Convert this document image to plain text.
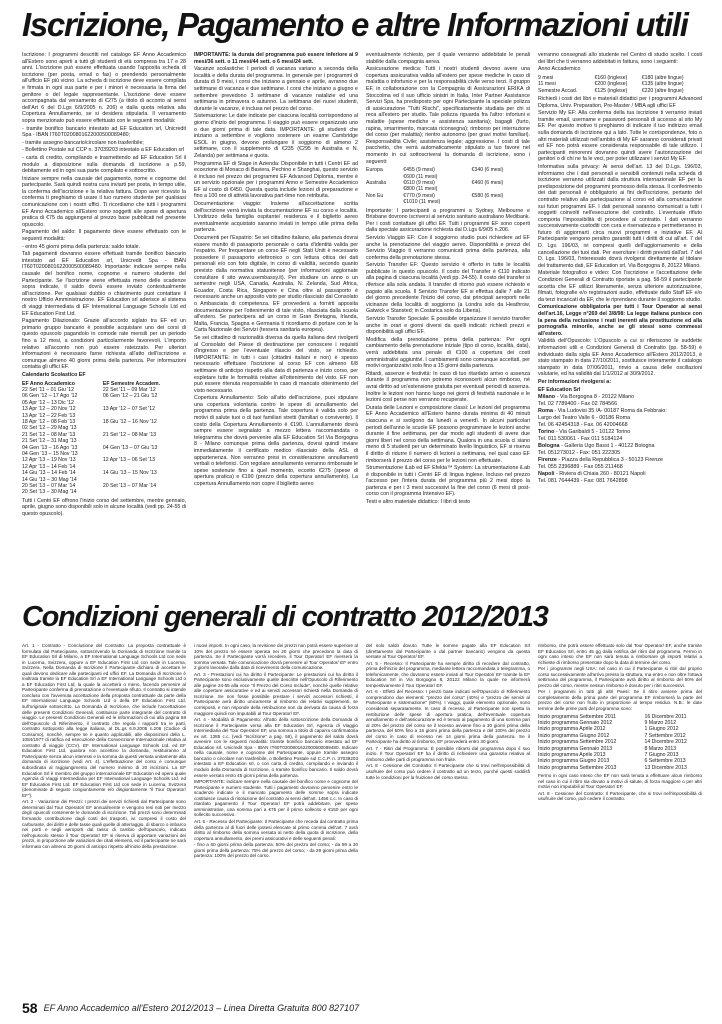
Iscrizione, Pagamento e altre Informazioni utili

Iscrizione: I programmi descritti nel catalogo EF Anno Accademico all'Estero sono aperti a tutti gli studenti di età compresa tra 17 e 28 anni. L'iscrizione può essere effettuata usando l'apposita scheda di iscrizione (per posta, email o fax) o prendendo personalmente all'ufficio EF più vicino. La scheda di iscrizione deve essere compilata e firmata in ogni sua parte e per i minori è necessaria la firma del genitore o del legale rappresentante. L'iscrizione deve essere accompagnata dal versamento di €275 (a titolo di acconto ai sensi dell'Art 6 del D.Lgs 6/9/2005 n. 206) e dalla quota relativa alla Copertura Annullamento, se si desidera stipularla. Il versamento sopra menzionato può essere effettuato con le seguenti modalità:

- tramite bonifico bancario intestato ad EF Education srl, Unicredit Spa - IBAN IT60T0200801622000500089480;

- tramite assegno bancario/circolare non trasferibile;

- Bollettino Postale sul CCP n. 37039203 intestato a EF Education srl

- carta di credito, compilando e trasmettendo ad EF Education Srl il modulo a disposizione sulla domanda di iscrizione a p.59, debitamente ed in ogni sua parte compilato e sottoscritto.

Iniziare sempre nella causale del pagamento, nome e cognome del partecipante. Sarà quindi nostra cura inviarti per posta, in tempo utile, la conferma dell'iscrizione e la relativa fattura. Dopo aver ricevuto la conferma ti preghiamo di usare il tuo numero studente per qualsiasi comunicazione con i nostri uffici. Ti ricordiamo che tutti i programmi EF Anno Accademico all'Estero sono soggetti alle spese di apertura pratica di €75 da aggiungersi al prezzo base pubblicati nel presente opuscolo.

Pagamento del saldo: Il pagamento deve essere effettuato con le seguenti modalità:

- entro 45 giorni prima della partenza: saldo totale.

Tali pagamenti dovranno essere effettuati tramite bonifico bancario intestato ad EF Education srl, Unicredit Spa - IBAN IT60T0200801622000500089480. Importante: indicare sempre nella causale del bonifico nome, cognome e numero studente del Partecipante. Se l'iscrizione viene effettuata meno delle scadenze sopra indicate, il saldo dovrà essere inviato contestualmente all'iscrizione. Per qualsiasi dubbio o chiarimento puoi contattare il nostro Ufficio Amministrazione. EF Education srl aderisce al sistema di viaggi intermediata di EF International Language Schools Ltd ed EF Education First Ltd.

Pagamento Dilazionato: Grazie all'accordo siglato tra EF ed un primario gruppo bancario è possibile acquistare uno dei corsi di questo opuscolo pagandolo in comode rate mensili per un periodo fino a 12 mesi, a condizioni particolarmente favorevoli. L'importo relativo all'acconto non può essere rateizzato. Per ulteriori informazioni è necessario farne richiesta all'atto dell'iscrizione e comunque almeno 40 giorni prima della partenza. Per informazioni contatta gli uffici EF.

Calendario Scolastico EF

EF Anno Accademico	EF Semestre Accadem.
22 Set '11 – 01 Giu '12	22 Set '11 – 09 Mar '12
06 Gen '12 – 17 Ago '12	06 Gen '12 – 21 Giu '12
05 Apr '12 – 13 Dic '12	
13 Apr '12 – 20 Nov '12	13 Apr '12 – 07 Set '12
13 Apr '12 – 22 Feb '13	
18 Apr '12 – 08 Feb '13	18 Giu '12 – 16 Nov '12
02 Set '12 – 29 Mag '13	
21 Set '12 – 08 Mar '13	21 Set '12 – 08 Mar '13
21 Set '12 – 31 Mag '13	
04 Gen '13 – 16 Ago '13	04 Gen '13 – 07 Giu '13
04 Gen '13 – 15 Nov '13	
12 Apr '13 – 19 Nov '13	12 Apr '13 – 06 Set '13
12 Apr '13 – 14 Feb '14	
14 Giu '13 – 14 Feb '14	14 Giu '13 – 15 Nov '13
14 Giu '13 – 30 Mag '14	
20 Set '13 – 07 Mar '14	20 Set '13 – 07 Mar '14
20 Set '13 – 30 Mag '14	

Tutti i Centri EF offrono l'inizio corso del settembre, mentre gennaio, aprile, giugno sono disponibili solo in alcune località (vedi pp. 24-55 di questo opuscolo).

IMPORTANTE: la durata del programma può essere inferiore ai 9 mesi/36 sett. o 11 mesi/44 sett. o 6 mesi/24 sett.

Vacanze scolastiche: I periodi di vacanza variano a seconda della località e della durata del programma. In generale per i programmi di durata di 9 mesi, i corsi che iniziano a gennaio e aprile, avranno due settimane di vacanza e due settimane. I corsi che iniziano a giugno e settembre prevedono 3 settimane di vacanze natalizie ed una settimana in primavera o autunno. La settimana dei nuovi studenti, durante le vacanze, è inclusa nel prezzo del corso.

Sistemazione: Le date indicate per ciascuna località corrispondono al giorno d'inizio del programma. Il viaggio può essere organizzato uno o due giorni prima di tale data. IMPORTANTE: gli studenti che iniziano a settembre e vogliono sostenere un esame Cambridge ESOL in giugno, devono prolungare il soggiorno di almeno 2 settimane, con il supplemento di €235 (€295 in Australia e N. Zelanda) per settimana e quota.

Programma EF di Stage in Azienda: Disponibile in tutti i Centri EF ad eccezione di Monaco di Baviera, Pechino e Shanghai, questo servizio è incluso nel prezzo dei programmi EF Advanced Diploma, mentre è un servizio opzionale per i programmi Anno e Semestre Accademico EF al costo di €450. Questa quota include lezioni di preparazione e fino a 100 ore di attività lavorativa part-time non retribuita.

Documentazione viaggio: Insieme all'accettazione scritta dell'iscrizione verrà inviata la documentazione EF su corso e località. L'indirizzo della famiglia ospitante/ residenza e il biglietto aereo eventualmente acquistato saranno inviati in tempo utile prima della partenza.

Documenti per l'Espatrio: Se sei cittadino italiano, alla partenza dovrai essere munito di passaporto personale o carta d'identità valida per l'espatrio. Per frequentare un corso EF negli Stati Uniti è necessario possedere il passaporto elettronico o con lettura ottica dei dati personali e/o con foto digitale, in corso di validità, secondo quanto previsto dalla normativa statunitense (per informazioni aggiornate consultare il sito www.usembassy.it). Per studiare un anno o un semestre negli USA, Canada, Australia, N. Zelanda, Sud Africa, Ecuador, Costa Rica, Singapore e Cina oltre al passaporto è necessario anche un apposito visto per studio rilasciato dal Consolato o Ambasciata di competenza. EF provvederà a fornirti apposita documentazione per l'ottenimento di tale visto, rilasciata dalla scuola all'estero. Se partecipera ad un corso in Gran Bretagna, Irlanda, Malta, Francia, Spagna e Germania ti ricordiamo di portare con te la Carta Nazionale dei Servizi (tessera sanitaria europea).

Se sei cittadino di nazionalità diversa da quella italiana devi rivolgerti al Consolato del Paese di destinazione per conoscere i requisiti d'ingresso e per l'eventuale rilascio del visto, se richiesto. IMPORTANTE: in tutti i casi (cittadini italiani e non) è spesso necessario effettuare l'iscrizione al corso EF con almeno 6/8 settimane di anticipo rispetto alla data di partenza e inizio corso, per espletare tutte le formalità relative all'ottenimento del visto. EF non può essere ritenuta responsabile in caso di mancato ottenimento del visto necessario.

Copertura Annullamento: Solo all'atto dell'iscrizione, puoi stipulare una copertura volontaria contro le spese di annullamento del programma prima della partenza. Tale copertura è valida solo per motivi di salute tuoi o di tuoi familiari stretti (familiari o convivente). Il costo della Copertura Annullamento è €190. L'annullamento dovrà sempre essere segnalato a mezzo lettera raccomandata o telegramma che dovrà pervenire alla EF Education Srl Via Borgogna 8 - Milano comunque prima della partenza, dovrai quindi inviare immediatamente il certificato medico rilasciato della ASL di appartenenza. Non verranno presi in considerazione annullamenti verbali o telefonici. Con regolare annullamento verranno rimborsate le spese sostenute fino a quel momento, eccetto €275 (spese di apertura pratica) e €190 (prezzo della copertura annullamento). La copertura Annullamento non copre il biglietto aereo

eventualmente richiesto, per il quale verranno addebitate le penali stabilite dalla compagnia aerea.

Assicurazione medica: Tutti i nostri studenti devono avere una copertura assicurativa valida all'estero per spese mediche in caso di malattia o infortunio e per la responsabilità civile verso terzi. Il gruppo EF, in collaborazione con la Compagnia di Assicurazioni ERIKA di Stoccolma ed il suo ufficio sinistri in Italia, Inter Partner Assistance Servizi Spa, ha predisposto per ogni Partecipante la speciale polizza di assicurazione "Tutti Rischi", specificatamente studiata per chi si reca all'estero per studio. Tale polizza riguarda fra l'altro: infortuni e malattie (spese mediche e assistenza sanitaria); bagagli (furto, rapina, smarrimento, mancata riconsegna); rimborso per interruzione del corso (per malattia); rientro autonomo (per gravi motivi familiari). Responsabilità Civile; assistenza legale; aggressione. I costi di tale pacchetto, che verrà automaticamente stipulato a tuo favore nel momento in cui sottoscriverai la domanda di iscrizione, sono i seguenti:

Europa	€455 (9 mesi)	€340 (6 mesi)
	€600 (11 mesi)	
Australia	€610 (9 mesi)	€460 (6 mesi)
	€800 (11 mesi)	
Non Eu	€770 (9 mesi)	€580 (6 mesi)
	€1010 (11 mesi)	

Importante: I partecipanti a programmi a Sydney, Melbourne e Brisbane dovrono iscriversi al servizio sanitario australiano Medibank. Per i costi contattare gli uffici EF. Tutti i programmi EF sono coperti dalla speciale assicurazione richiesta dal D.Lgs 6/9/05 n.206.

Servizio Viaggio EF: Con il soggiorno studio puoi richiedere ad EF anche la prenotazione del viaggio aereo. Disponibilità e prezzi del Servizio Viaggio ti verranno comunicati prima della partenza, alla conferma della prenotazione stessa.

Servizio Transfer EF: Questo servizio è offerto in tutte le località pubblicate in questo opuscolo. Il costo del Transfer è €110 indicato alla pagina di ciascuna località (vedi pp. 24-55). Il costo del transfer si riferisce alla sola andata. Il transfer di ritorno può essere richiesto e pagato alla scuola. Il Servizio Transfer EF si effettua dalle 7 alle 21 del giorno precedente l'inizio del corso, dai principali aeroporti nelle vicinanze della località di soggiorno (a Londra solo da Heathrow, Gatwick e Stansted; in Costarica solo da Liberia).

Servizio Transfer Speciale: È possibile organizzare il servizio transfer anche in orari e giorni diversi da quelli indicati: richiedi prezzi e disponibilità agli uffici EF.

Modifica della prenotazione prima della partenza: Per ogni cambiamento della prenotazione iniziale (tipo di corso, località, data), verrà addebitata una penale di €100 a copertura dei costi amministrativi aggiuntivi. I cambiamenti sono comunque accettati, per motivi organizzativi solo fino a 15 giorni dalla partenza.

Ritardi, assenze e festività: In caso di tuo ritardato arrivo o assenza durante il programma non potremo riconoscerti alcun rimborso, né avrai diritto ad un'estensione gratuita per eventuali periodi di assenza. Inoltre le lezioni non hanno luogo nei giorni di festività nazionale e le lezioni così perse non verranno recuperate.

Durata delle Lezioni e composizione classi: Le lezioni del programma EF Anno Accademico all'Estero hanno durata minima di 40 minuti ciascuna e si svolgono da lunedì a venerdì. In alcuni particolari periodi dell'anno le scuole EF possono programmare le lezioni anche durante il fine settimana, per dar modo agli studenti di avere due giorni liberi nel corso della settimana. Qualora in una scuola ci siano meno di 5 studenti per un determinato livello linguistico, EF si riserva il diritto di ridurre il numero di lezioni a settimana, nel qual caso EF rimborserà il prezzo del corso per le lezioni non effettuate.

Strumentazione iLab ed EF Efekta™ System: La strumentazione iLab è disponibile in tutti i Centri EF di lingua inglese. Incluso nel prezzo l'accesso per l'intera durata del programma più 2 mesi dopo la partenza e per i 3 mesi successivi la fine del corso (6 mesi di post-corso con il programma Intensivo EF).

Testi e altro materiale didattico: I libri di testo

verranno consegnati allo studente nel Centro di studio scelto. I costi dei libri che ti verranno addebitati in fattura, sono i seguenti:

Anno Accademico

9 mesi	€160 (inglese)	€180 (altre lingue)
11 mesi	€200 (inglese)	€135 (altre lingue)
Semestre Accad.	€125 (inglese)	€220 (altre lingue)

Richiedi i costi dei libri e materiali didattici per i programmi Advanced Diploma, Univ. Preparation, Pre-Master / MBA agli uffici EF

Servizio My EF: Alla conferma della tua iscrizione ti verranno inviati tramite email, username e password personali di accesso al sito My EF. Per questo motivo ti preghiamo di indicare il tuo indirizzo email sulla domanda di iscrizione qui a lato. Tutte le corrispondenze, foto o altri materiali utilizzati nell'ambito di My EF saranno considerati privati ed EF non potrà essere considerata responsabile di tale utilizzo. I partecipanti minorenni dovranno quindi avere l'autorizzazione dei genitori o di chi ne fa le veci, per poter utilizzare i servizi My EF.

Informativa sulla privacy: Ai sensi dell'art. 13 del D.Lgs. 196/03, informiamo che i dati personali e sensibili contenuti nella scheda di iscrizione verranno utilizzati dalla struttura internazionale EF per la predisposizione del programmi promosso della stessa. Il conferimento dei dati personali è obbligatorio ai fini dell'iscrizione, pertanto del contratto relativo alla partecipazione al corso ed alla comunicazione sui futuri programmi EF. I dati personali saranno comunicati a tutti i soggetti coinvolti nell'esecuzione del contratto. L'eventuale rifiuto comporta l'impossibilità di procedere al contratto. I dati verranno successivamente custoditi con cura e riservatezza e permetteranno in futuro di aggiornarti circa nuovi programmi e iniziative EF. Al Partecipante vengono peraltro garantiti tutti i diritti di cui all'art. 7 del D. Lgs. 196/03, ivi compresi quelli dell'aggiornamento e della cancellazione dei tuoi dati. Per esercitare i diritti previsti dall'art. 7 del D. Lgs. 196/03, l'interessato dovrà rivolgersi direttamente al titolare del trattamento dati, EF Education srl, Via Borgogna 8, 20122 Milano.

Materiale fotografico e video: Con l'iscrizione e l'accettazione delle Condizioni Generali di Contratto riportate a pag. 58-59 il partecipante accetta che EF utilizzi liberamente, senza ulteriore autorizzazione, filmati, fotografie e/o registrazioni audio, effettuate dallo Staff EF e/o da terzi incaricati da EF, che le riprendano durante il soggiorno studio.

Comunicazione obbligatoria per tutti i Tour Operator ai sensi dell'art.16, Legge n°269 del 3/8/98: La legge italiana punisce con la pena della reclusione i reati inerenti alla prostituzione ed alla pornografia minorile, anche se gli stessi sono commessi all'estero.

Validità dell'Opuscolo: L'Opuscolo a cui si riferiscono le suddette informazioni utili e Condizioni Generali di Contratto (pp. 58-59) è individuato dalla sigla EF Anno Accademico all'Estero 2012/2013, è stato stampato in data 27/10/2011, sostituisce interamente il catalogo stampato in data 07/06/2011, rinvio a causa delle oscillazioni valutarie, ed ha validità dal 1/1/2012 al 30/9/2012.

Per informazioni rivolgersi a:

EF Education Srl

Milano - Via Borgogna 8 - 20122 Milano
Tel. 02 7789400 - Fax 02 784566
Roma - Via Ludovisi 35 /A- 00187 Roma da Febbraio:
Largo del Teatro Valle 6 - 00186 Roma
Tel. 06 42454318 - Fax. 06 42004668
Torino - Via Garibaldi 5 - 10122 Torino
Tel. 011 530061 - Fax 011 5184124
Bologna - Galleria Ugo Bassi 1 - 40122 Bologna
Tel. 051273012 - Fax: 051 222305
Firenze - Piazza della Repubblica 3 - 50123 Firenze
Tel. 055 2396889 - Fax 055 211468
Napoli - Riviera di Chiaia 260 - 80121 Napoli
Tel. 081 7644439 - Fax: 081 7642898
Condizioni generali di contratto 2012/2013

Art. 1 - Contratto - Conclusione del Contratto: La proposta contrattuale è formulata dal Partecipante, sottoscrivendo la Domanda di Iscrizione tramite la EF Education Srl di Milano, a EF International Language Schools Ltd con sede in Lucerna, Svizzera, oppure a EF Education First Ltd con sede in Lucerna, Svizzera. Nella Domanda di Iscrizione il Partecipante dichiara di accettare le quali devono dedicare alle partecipanti ed uffici EF. La Domanda di Iscrizione è inoltrata tramite la EF Education Srl a EF International Language Schools Ltd o a EF Education First Ltd, la quale la accetterà o meno, facendo pervenire al Partecipante conferma di prenotazione o l'eventuale rifiuto. Il contratto si intende concluso con l'avvenuta accettazione della proposta contrattuale da parte della EF International Language Schools Ltd o della EF Education First Ltd, sull'originale sottoscritto. La Domanda di Iscrizione, che include l'accettazione delle presenti Condizioni Generali, costituisce parte integrante del contratto di viaggio. Le presenti Condizioni Generali ed le informazioni di cui alla pagina 58 dell'Opuscolo di Riferimento, il contratto che regola i rapporti tra le parti, contratto sottoposto alla legge italiana, al DL.gs 6.9.2005 n.206 (Codice di Consumo), nonché, sempre se e quanto applicabili, alle disposizioni della L. 1084/1977 di ratifica ed esecuzione della Convenzione Internazionale relativa al contratto di viaggio (CCV). EF International Language Schools Ltd. ed EF Education First Ltd, qualora non accettino la domanda, restituiranno al Partecipante senza alcun interessi e la somma da questi versata unitamente alla domanda di iscrizione (vedi Art. 4). L'effettuazione del corso è comunque subordinata al raggiungimento del numero minimo di 20 iscrizioni. La EF Education Srl è membro del gruppo internazionale EF Education ed opera quale Agenzia di Viaggi Intermediaria per EF International Language Schools Ltd. ed EF Education First Ltd. EF Education First Ltd con sede in Lucerna, Svizzera (denominate di seguito congiuntamente e/o disgiuntamente "il Tour Operator/ EF").

Art. 2 - Variazione dei Prezzi: I prezzi dei servizi richiesti dal Partecipante sono determinati dal Tour Operator/ EF annualmente e vengono resi noti per mezzo degli opuscoli contenente le domande di iscrizione. Tali prezzi sono determinati formando contribuzione dagli costi dei trasporti, ivi compresi il costo del carburante, dei diritti e delle tasse quali quelle di atterraggio, di sbarco o imbarco nei porti e negli aeroporti dal tasso di cambio dell'opuscolo, indicata nell'opuscolo stesso il Tour Operator/ EF si riserva di apportare variazioni dei prezzi, in proporzione alle variazioni dei citati elementi, ed il partecipante ne sarà informato con almeno 20 giorni di anticipo rispetto all'inizio della prestazione.

i nuovi importi. In ogni caso, la revisione dei prezzi non potrà essere superiore al 10% del prezzo né essere operata nei 20 giorni che precedono la data di partenza. Se il Partecipante vorrà recedere, il Tour Operator/ EF riverserà la somma versata. Tale comunicazione dovrà pervenire al Tour Operator/ EF entro 2 giorni lavorativi dalla data di ricevimento della comunicazione.

Art. 3 - Prestazioni cui ha diritto il Partecipante: Le prestazioni cui ha diritto il Partecipante sono esclusivamente quelle descritte nell'Opuscolo di Riferimento alle pagine 24-55 alla voce "Il Prezzo del Corso Include", nonché quelle relative alle coperture assicurative e ed ai servizi accessori richiesti nella Domanda di Iscrizione. Se non fosse possibile prestare i servizi accessori richiesti, il Partecipante avrà diritto unicamente al rimborso dei relativi supplementi, se corrisposti, e non risponde della retribuzione non da derivata da causa di forza maggiore quindi non imputabili al Tour Operator/ EF.

Art. 4 - Modalità di Pagamento: All'atto della sottoscrizione della Domanda di Iscrizione il Partecipante versa alla EF Education Srl, Agenzia di Viaggio Intermediaria del Tour Operator/ EF, una somma a titolo di caparra confirmatoria ex art. 1385 c.c. (vedi "Iscrizione" a pag. 58), il pagamento del saldo dovrà avvenire con le seguenti modalità: tramite bonifico bancario intestato ad EF Education srl, Unicredit Spa - IBAN IT60T0200801622000500089480. Indicare nella causale, nome e cognome del Partecipante, oppure tramite assegno bancario o circolare non trasferibile, o Bollettino Postale sul C.C.P. n. 37039203 intestato a EF Education srl, o con carta di credito, compilando e inviando il modulo della Domanda di Iscrizione, o tramite bonifico bancario. Il saldo dovrà essere versato entro 45 giorni prima della partenza.

IMPORTANTE: indicare sempre nella causale del bonifico nome e cognome del Partecipante e numero studente. Tutti i pagamenti dovranno pervenire entro le scadenze indicate e il mancato pagamento delle somme sopra indicate costituisce causa di risoluzione del contratto ai sensi dell'art. 1456 c.c. In caso di ritardato pagamento il Tour Operator/ EF potrà addebitare, per spese amministrative, una somma pari a €75 per il primo sollecito e €150 per ogni sollecito successivo.

Art. 5 - Recesso del Partecipante: Il Partecipante che receda dal contratto prima della partenza al di fuori delle ipotesi elencate al primo comma dell'art. 7 avrà diritto al rimborso della somma versata al netto della quota di iscrizione, della copertura annullamento, dei premi assicurativi e delle seguenti penali:

- fino a 60 giorni prima della partenza: 50% del prezzo del corso; - da 59 a 30 giorni prima della partenza: 75% del prezzo del corso; - da 29 giorni prima della partenza: 100% del prezzo del corso.

del solo saldo dovuto. Tutte le somme pagate alla EF Education Srl (direttamente dal Partecipante o dal partner bancario) vengono da questa versate al Tour Operator/ EF.

Art. 5 - Recesso: Il Partecipante ha sempre diritto di recedere dal contratto, prima dell'inizio del programma, mediante lettera raccomandata o telegramma, o telefonicamente, che dovranno essere inviati al Tour Operator/ EF tramite la EF Education Srl in Via Borgogna 8, 20122 Milano la quale ne informerà tempestivamente il Tour Operator/ EF.

Art. 6 - Effetti del Recesso: I prezzi base indicati nell'Opuscolo di Riferimento comprendono due elementi: "prezzo del corso" (40%) e "prezzo dei servizi al Partecipante e sistemazione" (60%). I viaggi, quale elemento opzionale, sono considerati separatamente. In caso di recesso, al Partecipante non spetta la restituzione delle spese di apertura pratica, dell'eventuale copertura annullamento e dell'assicurazione ed è tenuto al pagamento di una somma pari al 20% del prezzo del corso se il recesso avviene fino a 30 giorni prima della partenza, del 50% fino a 15 giorni prima della partenza e del 100% del prezzo del corso in caso di recesso nei 14 giorni prima della partenza. Se il Partecipante ha diritto al rimborso, EF provvederà entro 30 giorni.

Art. 7 - Ritiri dal Programma: È possibile ritirarsi dal programma dopo il suo inizio. Il Tour Operator/ EF ha il diritto di richiedere una garanzia relativa al rimborso delle parti di programma non fruite.

Art. 8 - Cessione del Contratto: Il Partecipante che si trovi nell'impossibilità di usufruire del corso può cedere il contratto ad un terzo, purché questi soddisfi tutte le condizioni per la fruizione del corso stesso.

rimborso, che potrà essere effettuato solo dal Tour Operator/ EF, anche tramite EF Education Srl, entro 45 gg dalla notifica del ritiro dal programma. Fermo in ogni caso inteso che EF non sarà tenuta a rimborsare gli importi relativi a richieste di rimborso presentate dopo la data di termine del corso.

Per i programmi negli USA: nel caso in cui il Partecipante si ritiri dal proprio corso successivamente all'arrivo presso la struttura, ma entro e non oltre l'ottava settimana del programma, il Partecipante avrà diritto al rimborso del 50% del prezzo del corso, mentre nessun rimborso è dovuto per i ritiri successivi.

Per i programmi in tutti gli altri Paesi: Se il ritiro avviene prima del completamento della prima parte del programma EF rimborserà la parte del prezzo del corso non fruito in proporzione al tempo residuo. N.B.: le date termine delle prime parti del programma sono:

Inizio programma Settembre 2011	16 Dicembre 2011
Inizio programma Gennaio 2012	9 Marzo 2012
Inizio programma Aprile 2012	1 Giugno 2012
Inizio programma Giugno 2012	7 Settembre 2012
Inizio programma Settembre 2012	14 Dicembre 2012
Inizio programma Gennaio 2013	8 Marzo 2013
Inizio programma Aprile 2013	7 Giugno 2013
Inizio programma Giugno 2013	6 Settembre 2013
Inizio programma Settembre 2013	13 Dicembre 2013

Fermo in ogni caso inteso che EF non sarà tenuta a effettuare alcun rimborso nel caso in cui il ritiro sia dovuto a motivi di salute, di forza maggiore o per altri motivi non imputabili al Tour Operator/ EF.

Art. 8 - Cessione del Contratto: Il Partecipante, che si trovi nell'impossibilità di usufruire del corso, può cedere il contratto.

58 EF Anno Accademico all'Estero 2012/2013 – Linea Diretta Gratuita 800 827107
